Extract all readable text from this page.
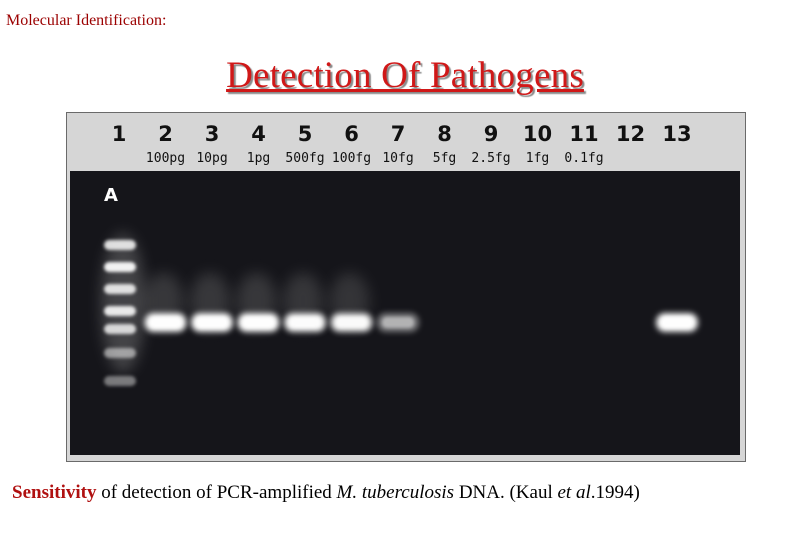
Molecular Identification:
Detection Of Pathogens
1
A
2
100pg
3
10pg
4
1pg
5
500fg
6
100fg
7
10fg
8
5fg
9
2.5fg
10
1fg
11
0.1fg
12 13
Sensitivity of detection of PCR-amplified M. tuberculosis DNA. (Kaul et al.1994)
